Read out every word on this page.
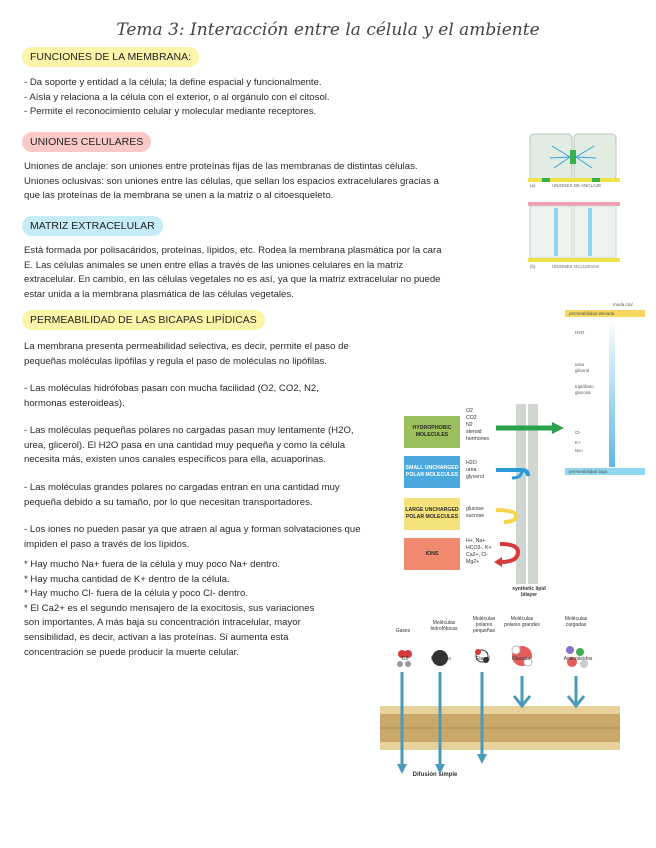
Tema 3: Interacción entre la célula y el ambiente
FUNCIONES DE LA MEMBRANA:
- Da soporte y entidad a la célula; la define espacial y funcionalmente.
- Aísla y relaciona a la célula con el exterior, o al orgánulo con el citosol.
- Permite el reconocimiento celular y molecular mediante receptores.
UNIONES CELULARES
Uniones de anclaje: son uniones entre proteínas fijas de las membranas de distintas células.
Uniones oclusivas: son uniones entre las células, que sellan los espacios extracelulares gracias a
que las proteínas de la membrana se unen a la matriz o al citoesqueleto.
(a)	UNIONES DE ANCLAJE
(b)	UNIONES OCLUSIVAS
MATRIZ EXTRACELULAR
Está formada por polisacáridos, proteínas, lípidos, etc. Rodea la membrana plasmática por la cara
E. Las células animales se unen entre ellas a través de las uniones celulares en la matriz
extracelular. En cambio, en las células vegetales no es así, ya que la matriz extracelular no puede
estar unida a la membrana plasmática de las células vegetales.
PERMEABILIDAD DE LAS BICAPAS LIPÍDICAS
La membrana presenta permeabilidad selectiva, es decir, permite el paso de
pequeñas moléculas lipófilas y regula el paso de moléculas no lipófilas.
- Las moléculas hidrófobas pasan con mucha facilidad (O2, CO2, N2,
hormonas esteroideas).
- Las moléculas pequeñas polares no cargadas pasan muy lentamente (H2O,
urea, glicerol). El H2O pasa en una cantidad muy pequeña y como la célula
necesita más, existen unos canales específicos para ella, acuaporinas.
- Las moléculas grandes polares no cargadas entran en una cantidad muy
pequeña debido a su tamaño, por lo que necesitan transportadores.
- Los iones no pueden pasar ya que atraen al agua y forman solvataciones que
impiden el paso a través de los lípidos.
* Hay mucho Na+ fuera de la célula y muy poco Na+ dentro.
* Hay mucha cantidad de K+ dentro de la célula.
* Hay mucho Cl- fuera de la célula y poco Cl- dentro.
* El Ca2+ es el segundo mensajero de la exocitosis, sus variaciones
son importantes. A más baja su concentración intracelular, mayor
sensibilidad, es decir, activan a las proteínas. Si aumenta esta
concentración se puede producir la muerte celular.
moda cm/
permeabilidad elevada
permeabilidad baja
H2O
urea
glicerol
triptófano
glucosa
Cl-
K+
Na+
HYDROPHOBIC MOLECULES
O2
CO2
N2
steroid
hormones
SMALL UNCHARGED POLAR MOLECULES
H2O
urea
glycerol
LARGE UNCHARGED POLAR MOLECULES
glucose
sucrose
IONS
H+, Na+
HCO3-, K+
Ca2+, Cl-
Mg2+
synthetic lipid bilayer
Gases
Moléculas hidrofóbicas
Moléculas polares pequeñas
Moléculas polares grandes
Moléculas cargadas
O2	Benceno	Etanol	Glucosa	Aminoácidos
Difusión simple
